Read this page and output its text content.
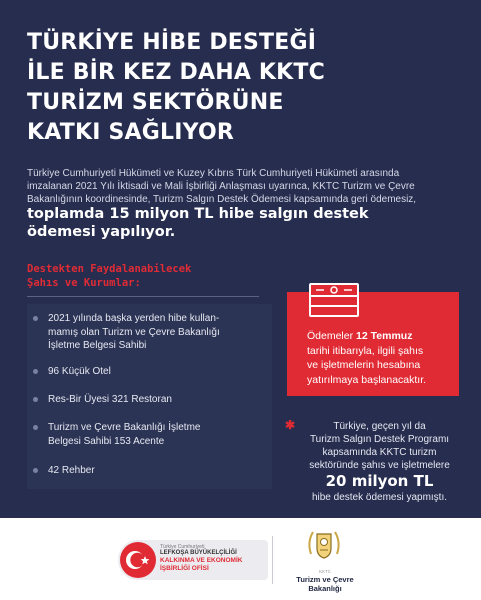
TÜRKİYE HİBE DESTEĞİ
İLE BİR KEZ DAHA KKTC
TURİZM SEKTÖRÜNE
KATKI SAĞLIYOR
Türkiye Cumhuriyeti Hükümeti ve Kuzey Kıbrıs Türk Cumhuriyeti Hükümeti arasında
imzalanan 2021 Yılı İktisadi ve Mali İşbirliği Anlaşması uyarınca, KKTC Turizm ve Çevre
Bakanlığının koordinesinde, Turizm Salgın Destek Ödemesi kapsamında geri ödemesiz,
toplamda 15 milyon TL hibe salgın destek
ödemesi yapılıyor.
Destekten Faydalanabilecek
Şahıs ve Kurumlar:
2021 yılında başka yerden hibe kullan-
mamış olan Turizm ve Çevre Bakanlığı
İşletme Belgesi Sahibi
96 Küçük Otel
Res-Bir Üyesi 321 Restoran
Turizm ve Çevre Bakanlığı İşletme
Belgesi Sahibi 153 Acente
42 Rehber
Ödemeler 12 Temmuz
tarihi itibarıyla, ilgili şahıs
ve işletmelerin hesabına
yatırılmaya başlanacaktır.
✱	Türkiye, geçen yıl da
Turizm Salgın Destek Programı
kapsamında KKTC turizm
sektöründe şahıs ve işletmelere
20 milyon TL
hibe destek ödemesi yapmıştı.
Türkiye Cumhuriyeti
LEFKOŞA BÜYÜKELÇİLİĞİ
KALKINMA VE EKONOMİK
İŞBİRLİĞİ OFİSİ	KKTC
Turizm ve Çevre
Bakanlığı
